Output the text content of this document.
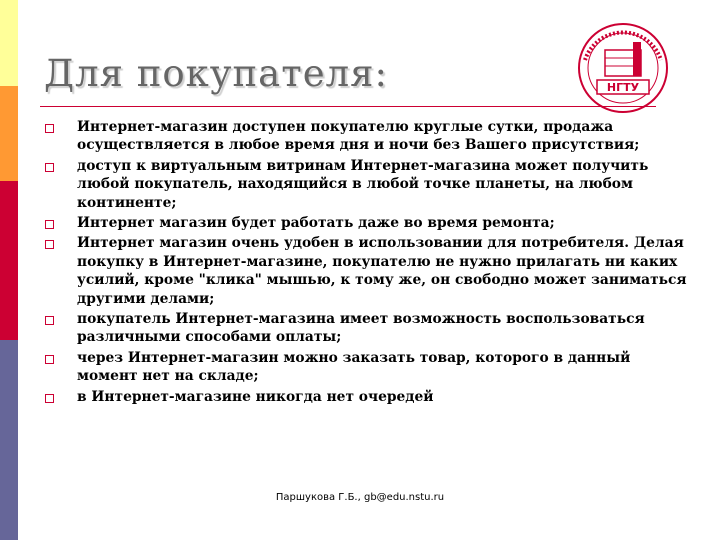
Для покупателя:	НГТУ
Интернет-магазин доступен покупателю круглые сутки, продажа осуществляется в любое время дня и ночи без Вашего присутствия;
доступ к виртуальным витринам Интернет-магазина может получить любой покупатель, находящийся в любой точке планеты, на любом континенте;
Интернет магазин будет работать даже во время ремонта;
Интернет магазин очень удобен в использовании для потребителя. Делая покупку в Интернет-магазине, покупателю не нужно прилагать ни каких усилий, кроме "клика" мышью, к тому же, он свободно может заниматься другими делами;
покупатель Интернет-магазина имеет возможность воспользоваться различными способами оплаты;
через Интернет-магазин можно заказать товар, которого в данный момент нет на складе;
в Интернет-магазине никогда нет очередей
Паршукова Г.Б., gb@edu.nstu.ru
